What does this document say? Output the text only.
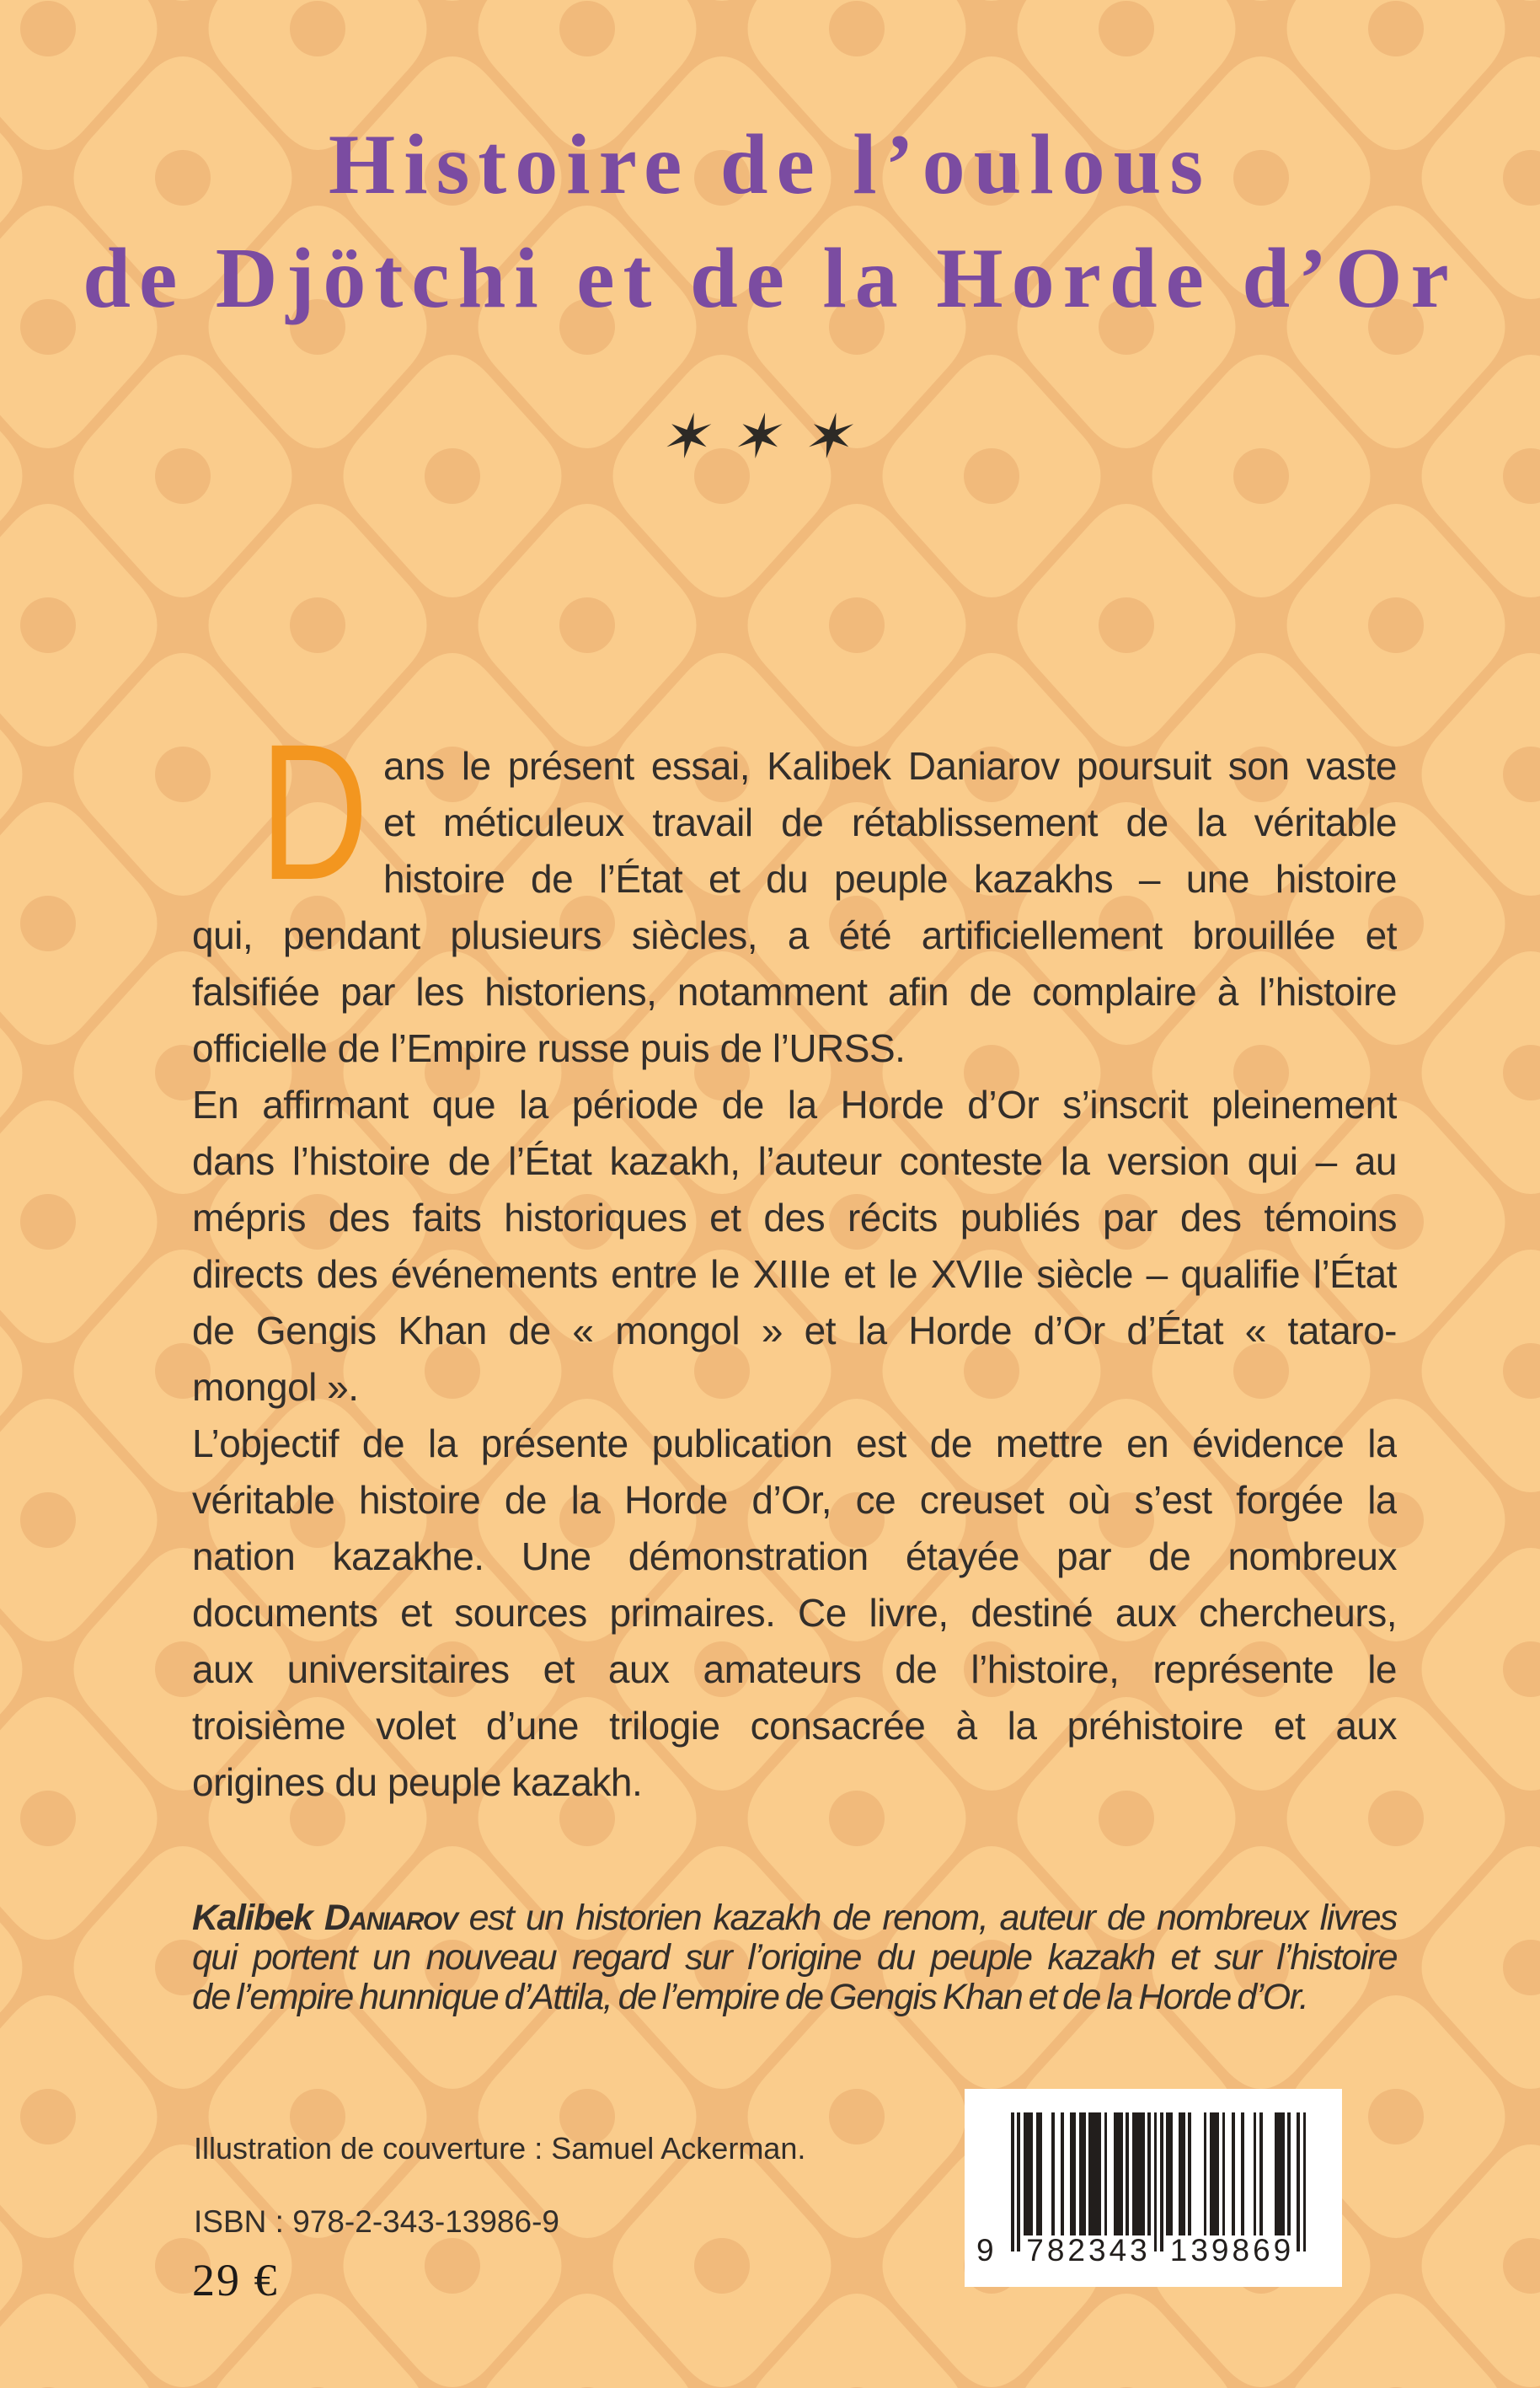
Histoire de l’oulous
de Djötchi et de la Horde d’Or
✶✶✶
D ans le présent essai, Kalibek Daniarov poursuit son vaste
et méticuleux travail de rétablissement de la véritable
histoire de l’État et du peuple kazakhs – une histoire
qui, pendant plusieurs siècles, a été artificiellement brouillée et
falsifiée par les historiens, notamment afin de complaire à l’histoire
officielle de l’Empire russe puis de l’URSS.
En affirmant que la période de la Horde d’Or s’inscrit pleinement
dans l’histoire de l’État kazakh, l’auteur conteste la version qui – au
mépris des faits historiques et des récits publiés par des témoins
directs des événements entre le XIIIe et le XVIIe siècle – qualifie l’État
de Gengis Khan de « mongol » et la Horde d’Or d’État « tataro-
mongol ».
L’objectif de la présente publication est de mettre en évidence la
véritable histoire de la Horde d’Or, ce creuset où s’est forgée la
nation kazakhe. Une démonstration étayée par de nombreux
documents et sources primaires. Ce livre, destiné aux chercheurs,
aux universitaires et aux amateurs de l’histoire, représente le
troisième volet d’une trilogie consacrée à la préhistoire et aux
origines du peuple kazakh.
Kalibek Daniarov est un historien kazakh de renom, auteur de nombreux livres
qui portent un nouveau regard sur l’origine du peuple kazakh et sur l’histoire
de l’empire hunnique d’Attila, de l’empire de Gengis Khan et de la Horde d’Or.
Illustration de couverture : Samuel Ackerman.
ISBN : 978-2-343-13986-9
29 €
9	782343 139869
